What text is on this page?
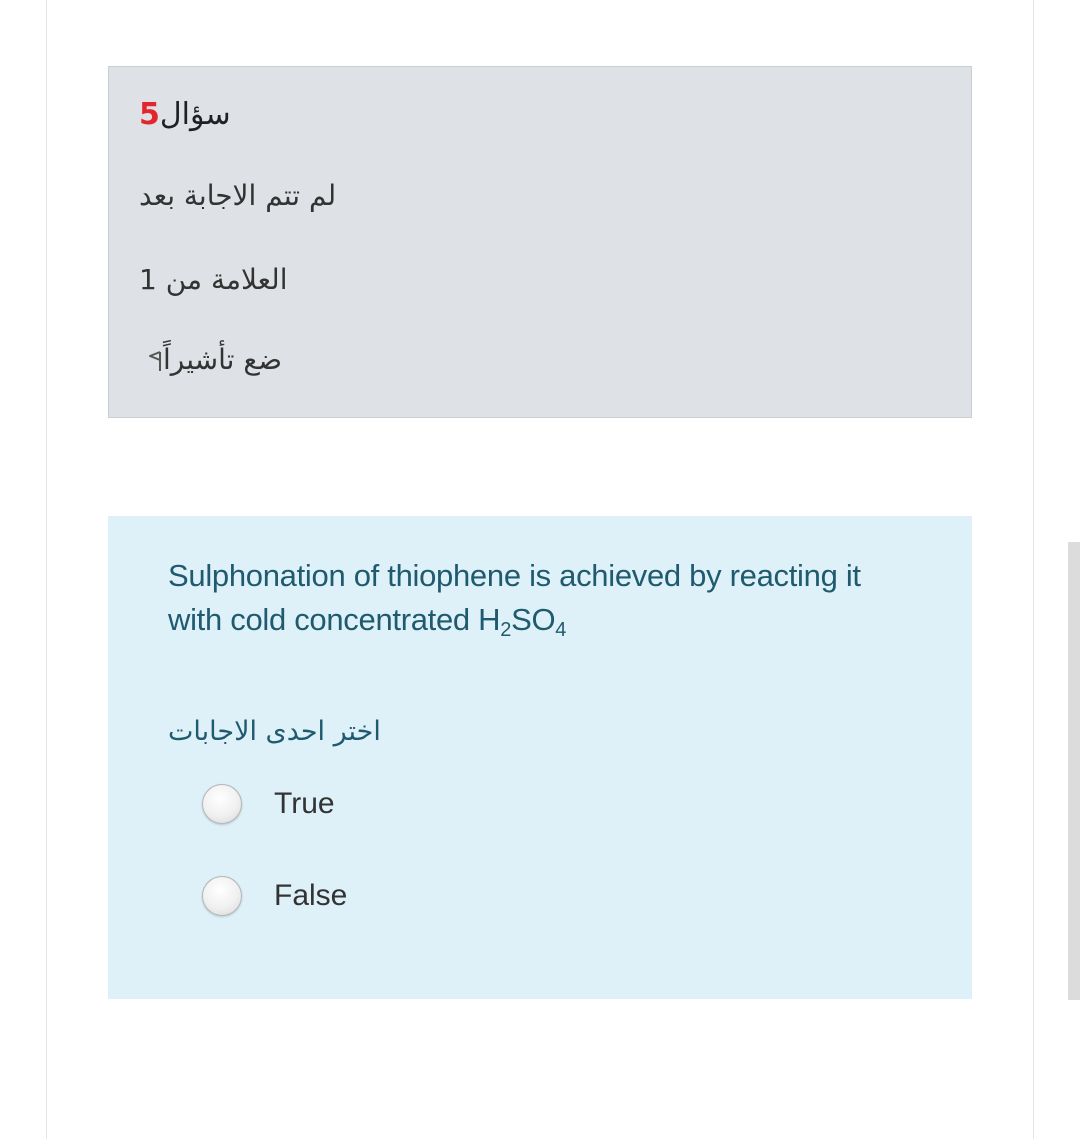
سؤال5
لم تتم الاجابة بعد
العلامة من 1
ضع تأشيراً
Sulphonation of thiophene is achieved by reacting it with cold concentrated $H_2SO_4$
اختر احدى الاجابات
True
False
